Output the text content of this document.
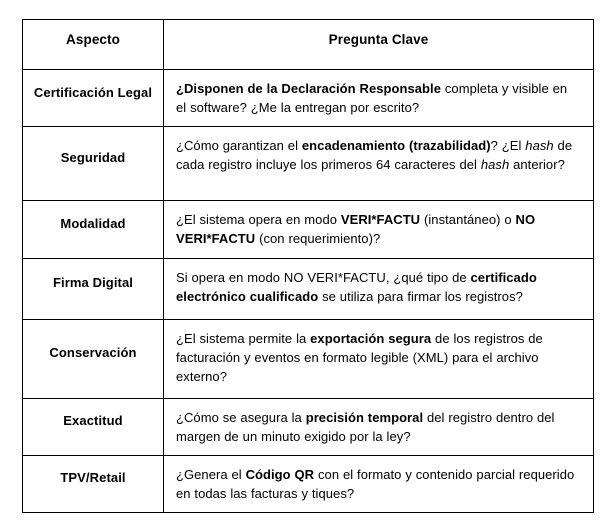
Aspecto	Pregunta Clave

Certificación Legal	¿Disponen de la Declaración Responsable completa y visible en el software? ¿Me la entregan por escrito?

Seguridad	¿Cómo garantizan el encadenamiento (trazabilidad)? ¿El hash de cada registro incluye los primeros 64 caracteres del hash anterior?

Modalidad	¿El sistema opera en modo VERI*FACTU (instantáneo) o NO VERI*FACTU (con requerimiento)?

Firma Digital	Si opera en modo NO VERI*FACTU, ¿qué tipo de certificado electrónico cualificado se utiliza para firmar los registros?

Conservación	¿El sistema permite la exportación segura de los registros de facturación y eventos en formato legible (XML) para el archivo externo?

Exactitud	¿Cómo se asegura la precisión temporal del registro dentro del margen de un minuto exigido por la ley?

TPV/Retail	¿Genera el Código QR con el formato y contenido parcial requerido en todas las facturas y tiques?
